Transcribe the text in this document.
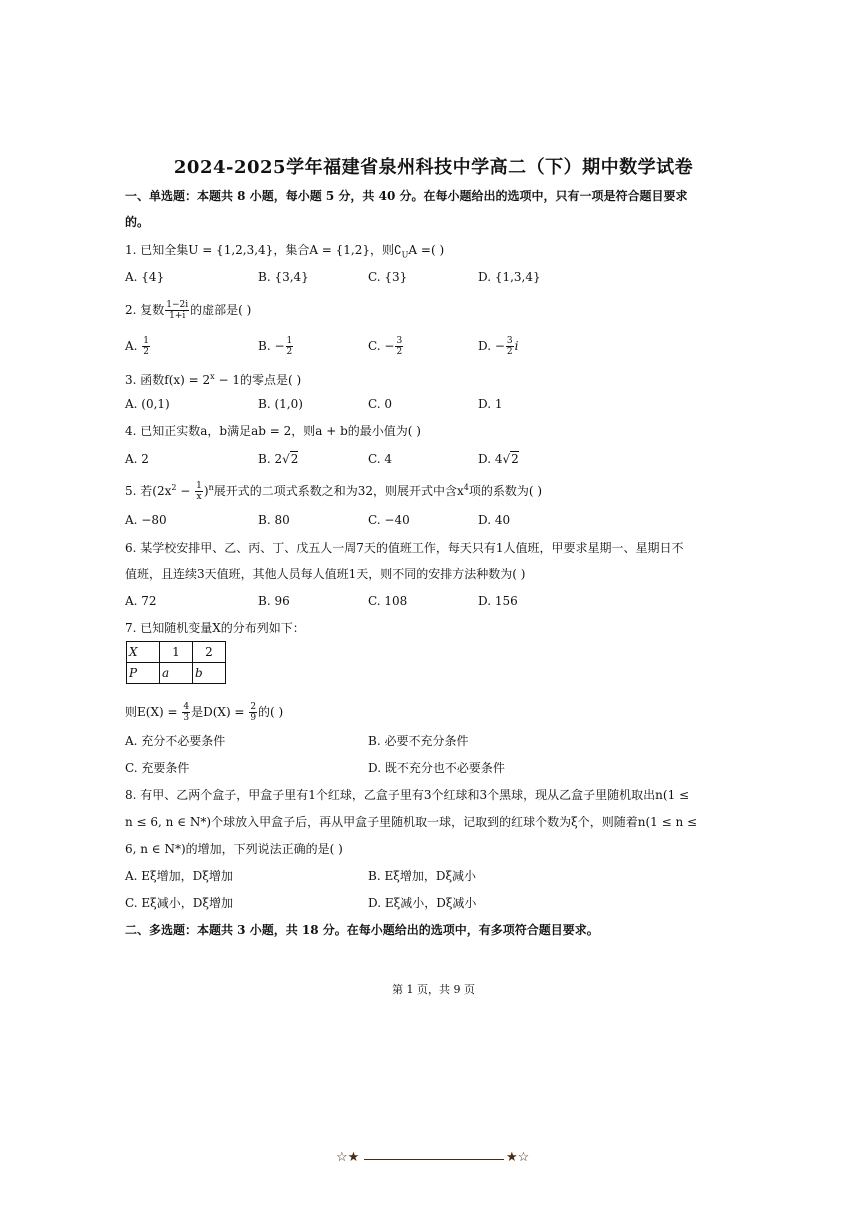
2024-2025学年福建省泉州科技中学高二（下）期中数学试卷
一、单选题：本题共 8 小题，每小题 5 分，共 40 分。在每小题给出的选项中，只有一项是符合题目要求
的。
1. 已知全集U = {1,2,3,4}，集合A = {1,2}，则$∁_UA$ =( )
A. {4}	B. {3,4}	C. {3}	D. {1,3,4}
2. 复数 $\frac{1-2i}{1+i}$ 的虚部是( )
A. $\frac{1}{2}$	B. − $\frac{1}{2}$	C. − $\frac{3}{2}$	D. − $\frac{3}{2}$ i
3. 函数$f(x) = 2^x - 1$的零点是( )
A. (0,1)	B. (1,0)	C. 0	D. 1
4. 已知正实数a，b满足ab = 2，则a + b的最小值为( )
A. 2	B. 2√2	C. 4	D. 4√2
5. 若$(2x^2 - \frac{1}{x} )^n$展开式的二项式系数之和为32，则展开式中含$x^4$项的系数为( )
A. −80	B. 80	C. −40	D. 40
6. 某学校安排甲、乙、丙、丁、戊五人一周7天的值班工作，每天只有1人值班，甲要求星期一、星期日不
值班，且连续3天值班，其他人员每人值班1天，则不同的安排方法种数为( )
A. 72	B. 96	C. 108	D. 156
7. 已知随机变量X的分布列如下：
X	1	2
P	a	b
则$E(X) = \frac{4}{3}$ 是$D(X) = \frac{2}{9}$ 的( )
A. 充分不必要条件	B. 必要不充分条件
C. 充要条件	D. 既不充分也不必要条件
8. 有甲、乙两个盒子，甲盒子里有1个红球，乙盒子里有3个红球和3个黑球，现从乙盒子里随机取出n(1 ≤
n ≤ 6, n ∈ N*)个球放入甲盒子后，再从甲盒子里随机取一球，记取到的红球个数为ξ个，则随着n(1 ≤ n ≤
6, n ∈ N*)的增加，下列说法正确的是( )
A. Eξ增加，Dξ增加	B. Eξ增加，Dξ减小
C. Eξ减小，Dξ增加	D. Eξ减小，Dξ减小
二、多选题：本题共 3 小题，共 18 分。在每小题给出的选项中，有多项符合题目要求。
第 1 页，共 9 页
☆★	★☆
